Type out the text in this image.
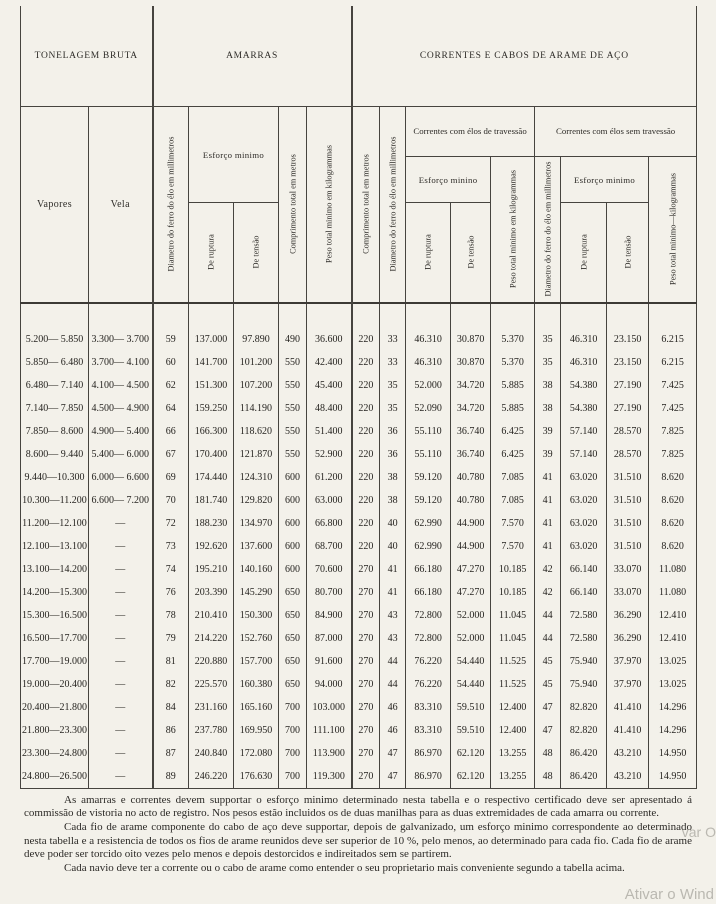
TONELAGEM BRUTA		AMARRAS					CORRENTES E CABOS DE ARAME DE AÇO								
Vapores	Vela	Diametro do ferro do élo em millimetros	Esforço minimo		Comprimento total em metros	Peso total minimo em kilogrammas	Comprimento total em metros	Diametro do ferro do élo em millimetros	Correntes com élos de travessão			Correntes com élos sem travessão			
									Esforço minino		Peso total minimo em kilogrammas	Diametro do ferro do élo em millimetros	Esforço minimo		Peso total minimo—kilogrammas

			De ruptura	De tensão					De ruptura	De tensão			De ruptura	De tensão	

5.200— 5.850	3.300— 3.700	59	137.000	97.890	490	36.600	220	33	46.310	30.870	5.370	35	46.310	23.150	6.215
5.850— 6.480	3.700— 4.100	60	141.700	101.200	550	42.400	220	33	46.310	30.870	5.370	35	46.310	23.150	6.215
6.480— 7.140	4.100— 4.500	62	151.300	107.200	550	45.400	220	35	52.000	34.720	5.885	38	54.380	27.190	7.425
7.140— 7.850	4.500— 4.900	64	159.250	114.190	550	48.400	220	35	52.090	34.720	5.885	38	54.380	27.190	7.425
7.850— 8.600	4.900— 5.400	66	166.300	118.620	550	51.400	220	36	55.110	36.740	6.425	39	57.140	28.570	7.825
8.600— 9.440	5.400— 6.000	67	170.400	121.870	550	52.900	220	36	55.110	36.740	6.425	39	57.140	28.570	7.825
9.440—10.300	6.000— 6.600	69	174.440	124.310	600	61.200	220	38	59.120	40.780	7.085	41	63.020	31.510	8.620
10.300—11.200	6.600— 7.200	70	181.740	129.820	600	63.000	220	38	59.120	40.780	7.085	41	63.020	31.510	8.620
11.200—12.100	—	72	188.230	134.970	600	66.800	220	40	62.990	44.900	7.570	41	63.020	31.510	8.620
12.100—13.100	—	73	192.620	137.600	600	68.700	220	40	62.990	44.900	7.570	41	63.020	31.510	8.620
13.100—14.200	—	74	195.210	140.160	600	70.600	270	41	66.180	47.270	10.185	42	66.140	33.070	11.080
14.200—15.300	—	76	203.390	145.290	650	80.700	270	41	66.180	47.270	10.185	42	66.140	33.070	11.080
15.300—16.500	—	78	210.410	150.300	650	84.900	270	43	72.800	52.000	11.045	44	72.580	36.290	12.410
16.500—17.700	—	79	214.220	152.760	650	87.000	270	43	72.800	52.000	11.045	44	72.580	36.290	12.410
17.700—19.000	—	81	220.880	157.700	650	91.600	270	44	76.220	54.440	11.525	45	75.940	37.970	13.025
19.000—20.400	—	82	225.570	160.380	650	94.000	270	44	76.220	54.440	11.525	45	75.940	37.970	13.025
20.400—21.800	—	84	231.160	165.160	700	103.000	270	46	83.310	59.510	12.400	47	82.820	41.410	14.296
21.800—23.300	—	86	237.780	169.950	700	111.100	270	46	83.310	59.510	12.400	47	82.820	41.410	14.296
23.300—24.800	—	87	240.840	172.080	700	113.900	270	47	86.970	62.120	13.255	48	86.420	43.210	14.950
24.800—26.500	—	89	246.220	176.630	700	119.300	270	47	86.970	62.120	13.255	48	86.420	43.210	14.950

As amarras e correntes devem supportar o esforço minimo determinado nesta tabella e o respectivo certificado deve ser apresentado á commissão de vistoria no acto de registro. Nos pesos estão incluidos os de duas manilhas para as duas extremidades de cada amarra ou corrente.

Cada fio de arame componente do cabo de aço deve supportar, depois de galvanizado, um esforço minimo correspondente ao determinado nesta tabella e a resistencia de todos os fios de arame reunidos deve ser superior de 10 %, pelo menos, ao determinado para cada fio. Cada fio de arame deve poder ser torcido oito vezes pelo menos e depois destorcidos e indireitados sem se partirem.

Cada navio deve ter a corrente ou o cabo de arame como entender o seu proprietario mais conveniente segundo a tabella acima.

var O
Ativar o Wind
